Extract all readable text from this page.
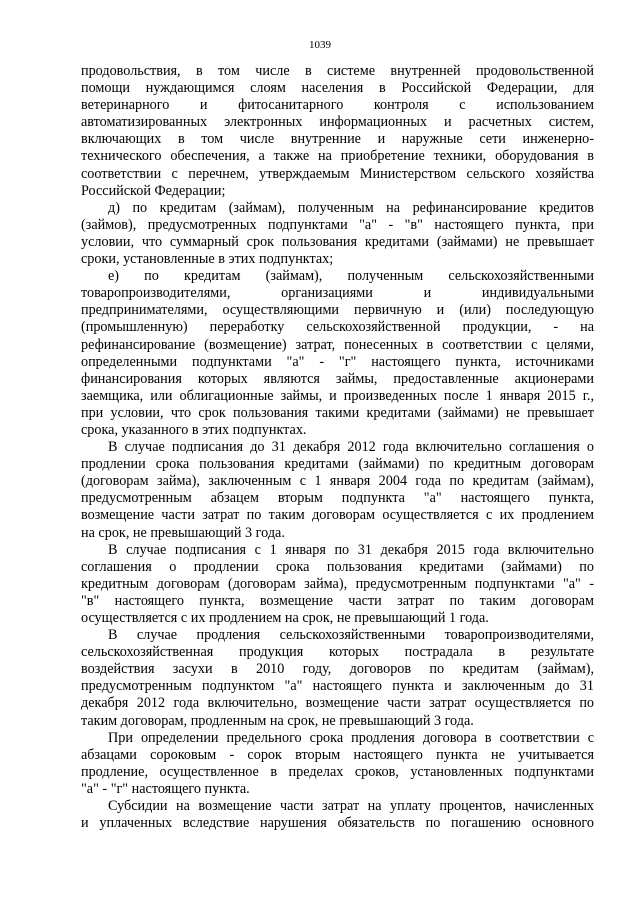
1039
продовольствия, в том числе в системе внутренней продовольственной
помощи нуждающимся слоям населения в Российской Федерации, для
ветеринарного и фитосанитарного контроля с использованием
автоматизированных электронных информационных и расчетных систем,
включающих в том числе внутренние и наружные сети инженерно-
технического обеспечения, а также на приобретение техники, оборудования в
соответствии с перечнем, утверждаемым Министерством сельского хозяйства
Российской Федерации;
д) по кредитам (займам), полученным на рефинансирование кредитов
(займов), предусмотренных подпунктами "а" - "в" настоящего пункта, при
условии, что суммарный срок пользования кредитами (займами) не превышает
сроки, установленные в этих подпунктах;
е) по кредитам (займам), полученным сельскохозяйственными
товаропроизводителями, организациями и индивидуальными
предпринимателями, осуществляющими первичную и (или) последующую
(промышленную) переработку сельскохозяйственной продукции, - на
рефинансирование (возмещение) затрат, понесенных в соответствии с целями,
определенными подпунктами "а" - "г" настоящего пункта, источниками
финансирования которых являются займы, предоставленные акционерами
заемщика, или облигационные займы, и произведенных после 1 января 2015 г.,
при условии, что срок пользования такими кредитами (займами) не превышает
срока, указанного в этих подпунктах.
В случае подписания до 31 декабря 2012 года включительно соглашения о
продлении срока пользования кредитами (займами) по кредитным договорам
(договорам займа), заключенным с 1 января 2004 года по кредитам (займам),
предусмотренным абзацем вторым подпункта "а" настоящего пункта,
возмещение части затрат по таким договорам осуществляется с их продлением
на срок, не превышающий 3 года.
В случае подписания с 1 января по 31 декабря 2015 года включительно
соглашения о продлении срока пользования кредитами (займами) по
кредитным договорам (договорам займа), предусмотренным подпунктами "а" -
"в" настоящего пункта, возмещение части затрат по таким договорам
осуществляется с их продлением на срок, не превышающий 1 года.
В случае продления сельскохозяйственными товаропроизводителями,
сельскохозяйственная продукция которых пострадала в результате
воздействия засухи в 2010 году, договоров по кредитам (займам),
предусмотренным подпунктом "а" настоящего пункта и заключенным до 31
декабря 2012 года включительно, возмещение части затрат осуществляется по
таким договорам, продленным на срок, не превышающий 3 года.
При определении предельного срока продления договора в соответствии с
абзацами сороковым - сорок вторым настоящего пункта не учитывается
продление, осуществленное в пределах сроков, установленных подпунктами
"а" - "г" настоящего пункта.
Субсидии на возмещение части затрат на уплату процентов, начисленных
и уплаченных вследствие нарушения обязательств по погашению основного
